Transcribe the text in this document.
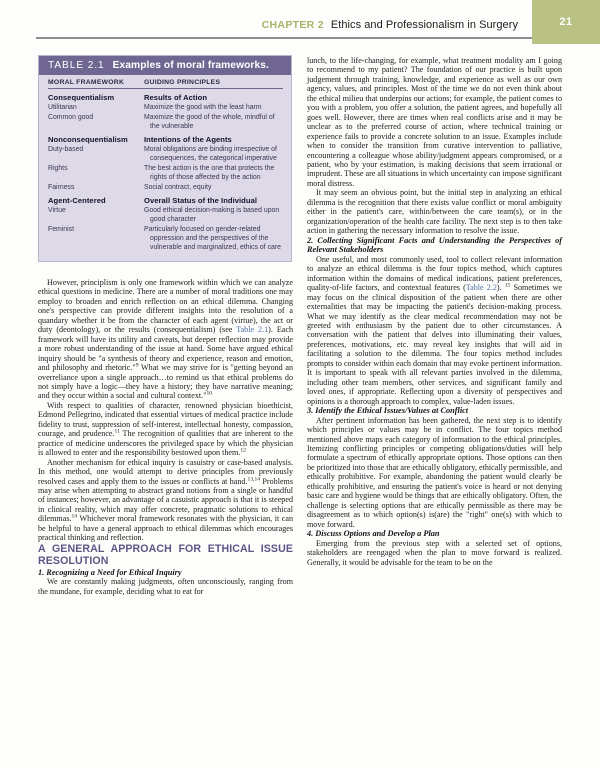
CHAPTER 2 Ethics and Professionalism in Surgery	21
TABLE 2.1 Examples of moral frameworks.
MORAL FRAMEWORK	GUIDING PRINCIPLES
Consequentialism	Results of Action
Utilitarian	Maximize the good with the least harm
Common good	Maximize the good of the whole, mindful of the vulnerable
Nonconsequentialism	Intentions of the Agents
Duty-based	Moral obligations are binding irrespective of consequences, the categorical imperative
Rights	The best action is the one that protects the rights of those affected by the action
Fairness	Social contract, equity
Agent-Centered	Overall Status of the Individual
Virtue	Good ethical decision-making is based upon good character
Feminist	Particularly focused on gender-related oppression and the perspectives of the vulnerable and marginalized, ethics of care

However, principlism is only one framework within which we can analyze ethical questions in medicine. There are a number of moral traditions one may employ to broaden and enrich reflection on an ethical dilemma. Changing one's perspective can provide different insights into the resolution of a quandary whether it be from the character of each agent (virtue), the act or duty (deontology), or the results (consequentialism) (see Table 2.1). Each framework will have its utility and caveats, but deeper reflection may provide a more robust understanding of the issue at hand. Some have argued ethical inquiry should be "a synthesis of theory and experience, reason and emotion, and philosophy and rhetoric."$^9$ What we may strive for is "getting beyond an overreliance upon a single approach…to remind us that ethical problems do not simply have a logic—they have a history; they have narrative meaning; and they occur within a social and cultural context."$^{10}$

With respect to qualities of character, renowned physician bioethicist, Edmond Pellegrino, indicated that essential virtues of medical practice include fidelity to trust, suppression of self-interest, intellectual honesty, compassion, courage, and prudence.$^{11}$ The recognition of qualities that are inherent to the practice of medicine underscores the privileged space by which the physician is allowed to enter and the responsibility bestowed upon them.$^{12}$

Another mechanism for ethical inquiry is casuistry or case-based analysis. In this method, one would attempt to derive principles from previously resolved cases and apply them to the issues or conflicts at hand.$^{13,14}$ Problems may arise when attempting to abstract grand notions from a single or handful of instances; however, an advantage of a casuistic approach is that it is steeped in clinical reality, which may offer concrete, pragmatic solutions to ethical dilemmas.$^{14}$ Whichever moral framework resonates with the physician, it can be helpful to have a general approach to ethical dilemmas which encourages practical thinking and reflection.

A GENERAL APPROACH FOR ETHICAL ISSUE RESOLUTION

1. Recognizing a Need for Ethical Inquiry

We are constantly making judgments, often unconsciously, ranging from the mundane, for example, deciding what to eat for

lunch, to the life-changing, for example, what treatment modality am I going to recommend to my patient? The foundation of our practice is built upon judgement through training, knowledge, and experience as well as our own agency, values, and principles. Most of the time we do not even think about the ethical milieu that underpins our actions; for example, the patient comes to you with a problem, you offer a solution, the patient agrees, and hopefully all goes well. However, there are times when real conflicts arise and it may be unclear as to the preferred course of action, where technical training or experience fails to provide a concrete solution to an issue. Examples include when to consider the transition from curative intervention to palliative, encountering a colleague whose ability/judgment appears compromised, or a patient, who by your estimation, is making decisions that seem irrational or imprudent. These are all situations in which uncertainty can impose significant moral distress.

It may seem an obvious point, but the initial step in analyzing an ethical dilemma is the recognition that there exists value conflict or moral ambiguity either in the patient's care, within/between the care team(s), or in the organization/operation of the health care facility. The next step is to then take action in gathering the necessary information to resolve the issue.

2. Collecting Significant Facts and Understanding the Perspectives of Relevant Stakeholders

One useful, and most commonly used, tool to collect relevant information to analyze an ethical dilemma is the four topics method, which captures information within the domains of medical indications, patient preferences, quality-of-life factors, and contextual features (Table 2.2). $^{15}$ Sometimes we may focus on the clinical disposition of the patient when there are other externalities that may be impacting the patient's decision-making process. What we may identify as the clear medical recommendation may not be greeted with enthusiasm by the patient due to other circumstances. A conversation with the patient that delves into illuminating their values, preferences, motivations, etc. may reveal key insights that will aid in facilitating a solution to the dilemma. The four topics method includes prompts to consider within each domain that may evoke pertinent information. It is important to speak with all relevant parties involved in the dilemma, including other team members, other services, and significant family and loved ones, if appropriate. Reflecting upon a diversity of perspectives and opinions is a thorough approach to complex, value-laden issues.

3. Identify the Ethical Issues/Values at Conflict

After pertinent information has been gathered, the next step is to identify which principles or values may be in conflict. The four topics method mentioned above maps each category of information to the ethical principles. Itemizing conflicting principles or competing obligations/duties will help formulate a spectrum of ethically appropriate options. Those options can then be prioritized into those that are ethically obligatory, ethically permissible, and ethically prohibitive. For example, abandoning the patient would clearly be ethically prohibitive, and ensuring the patient's voice is heard or not denying basic care and hygiene would be things that are ethically obligatory. Often, the challenge is selecting options that are ethically permissible as there may be disagreement as to which option(s) is(are) the "right" one(s) with which to move forward.

4. Discuss Options and Develop a Plan

Emerging from the previous step with a selected set of options, stakeholders are reengaged when the plan to move forward is realized. Generally, it would be advisable for the team to be on the
